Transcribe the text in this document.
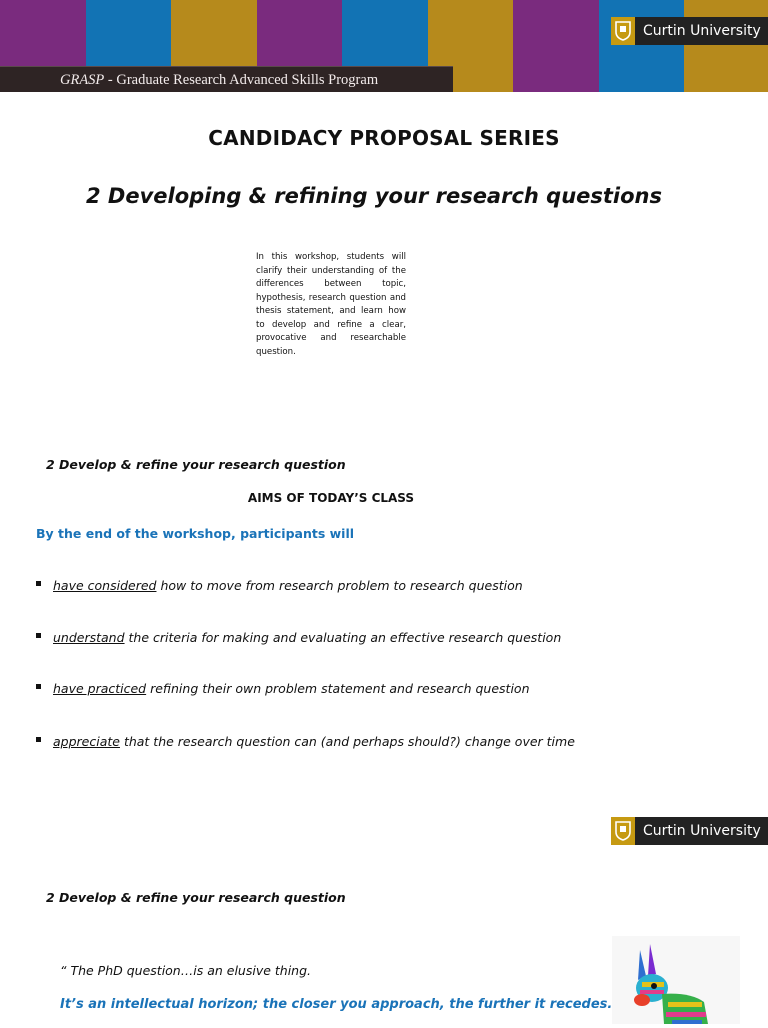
GRASP - Graduate Research Advanced Skills Program
Curtin University
CANDIDACY PROPOSAL SERIES
2 Developing & refining your research questions
In this workshop, students will clarify their understanding of the differences between topic, hypothesis, research question and thesis statement, and learn how to develop and refine a clear, provocative and researchable question.
2 Develop & refine your research question
AIMS OF TODAY’S CLASS
By the end of the workshop, participants will
have considered how to move from research problem to research question
understand the criteria for making and evaluating an effective research question
have practiced refining their own problem statement and research question
appreciate that the research question can (and perhaps should?) change over time
Curtin University
2 Develop & refine your research question
“ The PhD question…is an elusive thing.
It’s an intellectual horizon; the closer you approach, the further it recedes.
